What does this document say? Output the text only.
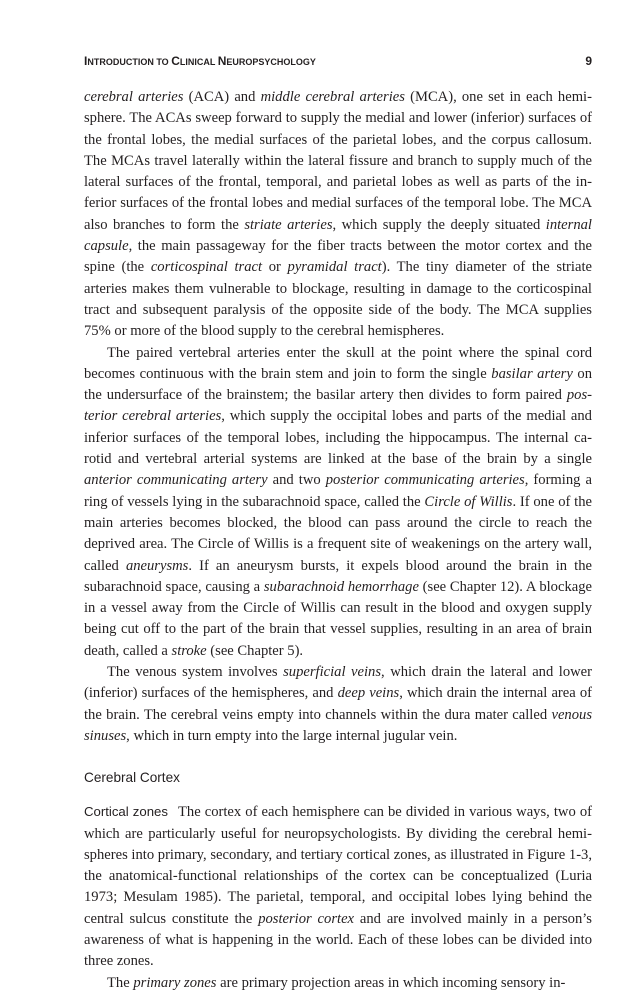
INTRODUCTION TO CLINICAL NEUROPSYCHOLOGY	9

cerebral arteries (ACA) and middle cerebral arteries (MCA), one set in each hemisphere. The ACAs sweep forward to supply the medial and lower (inferior) surfaces of the frontal lobes, the medial surfaces of the parietal lobes, and the corpus callosum. The MCAs travel laterally within the lateral fissure and branch to supply much of the lateral surfaces of the frontal, temporal, and parietal lobes as well as parts of the inferior surfaces of the frontal lobes and medial surfaces of the temporal lobe. The MCA also branches to form the striate arteries, which supply the deeply situated internal capsule, the main passageway for the fiber tracts between the motor cortex and the spine (the corticospinal tract or pyramidal tract). The tiny diameter of the striate arteries makes them vulnerable to blockage, resulting in damage to the corticospinal tract and subsequent paralysis of the opposite side of the body. The MCA supplies 75% or more of the blood supply to the cerebral hemispheres.

The paired vertebral arteries enter the skull at the point where the spinal cord becomes continuous with the brain stem and join to form the single basilar artery on the undersurface of the brainstem; the basilar artery then divides to form paired posterior cerebral arteries, which supply the occipital lobes and parts of the medial and inferior surfaces of the temporal lobes, including the hippocampus. The internal carotid and vertebral arterial systems are linked at the base of the brain by a single anterior communicating artery and two posterior communicating arteries, forming a ring of vessels lying in the subarachnoid space, called the Circle of Willis. If one of the main arteries becomes blocked, the blood can pass around the circle to reach the deprived area. The Circle of Willis is a frequent site of weakenings on the artery wall, called aneurysms. If an aneurysm bursts, it expels blood around the brain in the subarachnoid space, causing a subarachnoid hemorrhage (see Chapter 12). A blockage in a vessel away from the Circle of Willis can result in the blood and oxygen supply being cut off to the part of the brain that vessel supplies, resulting in an area of brain death, called a stroke (see Chapter 5).

The venous system involves superficial veins, which drain the lateral and lower (inferior) surfaces of the hemispheres, and deep veins, which drain the internal area of the brain. The cerebral veins empty into channels within the dura mater called venous sinuses, which in turn empty into the large internal jugular vein.

Cerebral Cortex

Cortical zones The cortex of each hemisphere can be divided in various ways, two of which are particularly useful for neuropsychologists. By dividing the cerebral hemispheres into primary, secondary, and tertiary cortical zones, as illustrated in Figure 1-3, the anatomical-functional relationships of the cortex can be conceptualized (Luria 1973; Mesulam 1985). The parietal, temporal, and occipital lobes lying behind the central sulcus constitute the posterior cortex and are involved mainly in a person’s awareness of what is happening in the world. Each of these lobes can be divided into three zones.

The primary zones are primary projection areas in which incoming sensory in-
